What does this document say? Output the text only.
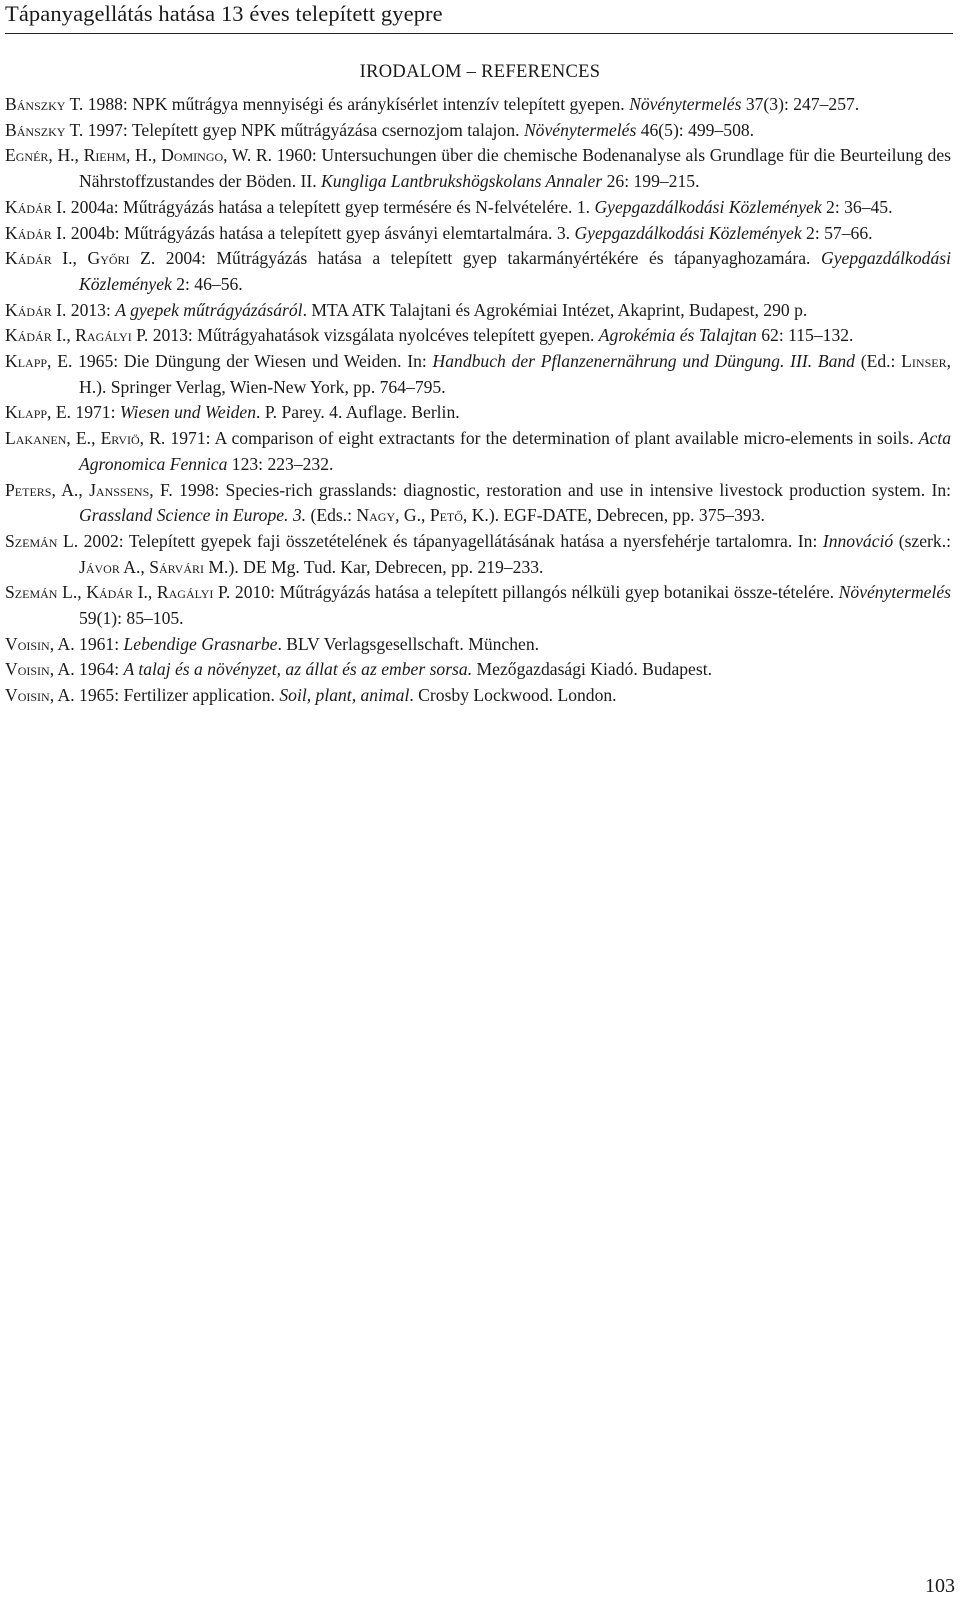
Tápanyagellátás hatása 13 éves telepített gyepre
IRODALOM – REFERENCES
Bánszky T. 1988: NPK műtrágya mennyiségi és aránykísérlet intenzív telepített gyepen. Növénytermelés 37(3): 247–257.
Bánszky T. 1997: Telepített gyep NPK műtrágyázása csernozjom talajon. Növénytermelés 46(5): 499–508.
Egnér, H., Riehm, H., Domingo, W. R. 1960: Untersuchungen über die chemische Bodenanalyse als Grundlage für die Beurteilung des Nährstoffzustandes der Böden. II. Kungliga Lantbrukshögskolans Annaler 26: 199–215.
Kádár I. 2004a: Műtrágyázás hatása a telepített gyep termésére és N-felvételére. 1. Gyepgazdálkodási Közlemények 2: 36–45.
Kádár I. 2004b: Műtrágyázás hatása a telepített gyep ásványi elemtartalmára. 3. Gyepgazdálkodási Közlemények 2: 57–66.
Kádár I., Győri Z. 2004: Műtrágyázás hatása a telepített gyep takarmányértékére és tápanyaghozamára. Gyepgazdálkodási Közlemények 2: 46–56.
Kádár I. 2013: A gyepek műtrágyázásáról. MTA ATK Talajtani és Agrokémiai Intézet, Akaprint, Budapest, 290 p.
Kádár I., Ragályi P. 2013: Műtrágyahatások vizsgálata nyolcéves telepített gyepen. Agrokémia és Talajtan 62: 115–132.
Klapp, E. 1965: Die Düngung der Wiesen und Weiden. In: Handbuch der Pflanzenernährung und Düngung. III. Band (Ed.: Linser, H.). Springer Verlag, Wien-New York, pp. 764–795.
Klapp, E. 1971: Wiesen und Weiden. P. Parey. 4. Auflage. Berlin.
Lakanen, E., Erviö, R. 1971: A comparison of eight extractants for the determination of plant available micro-elements in soils. Acta Agronomica Fennica 123: 223–232.
Peters, A., Janssens, F. 1998: Species-rich grasslands: diagnostic, restoration and use in intensive livestock production system. In: Grassland Science in Europe. 3. (Eds.: Nagy, G., Pető, K.). EGF-DATE, Debrecen, pp. 375–393.
Szemán L. 2002: Telepített gyepek faji összetételének és tápanyagellátásának hatása a nyersfehérje tartalomra. In: Innováció (szerk.: Jávor A., Sárvári M.). DE Mg. Tud. Kar, Debrecen, pp. 219–233.
Szemán L., Kádár I., Ragályi P. 2010: Műtrágyázás hatása a telepített pillangós nélküli gyep botanikai össze-tételére. Növénytermelés 59(1): 85–105.
Voisin, A. 1961: Lebendige Grasnarbe. BLV Verlagsgesellschaft. München.
Voisin, A. 1964: A talaj és a növényzet, az állat és az ember sorsa. Mezőgazdasági Kiadó. Budapest.
Voisin, A. 1965: Fertilizer application. Soil, plant, animal. Crosby Lockwood. London.
103
